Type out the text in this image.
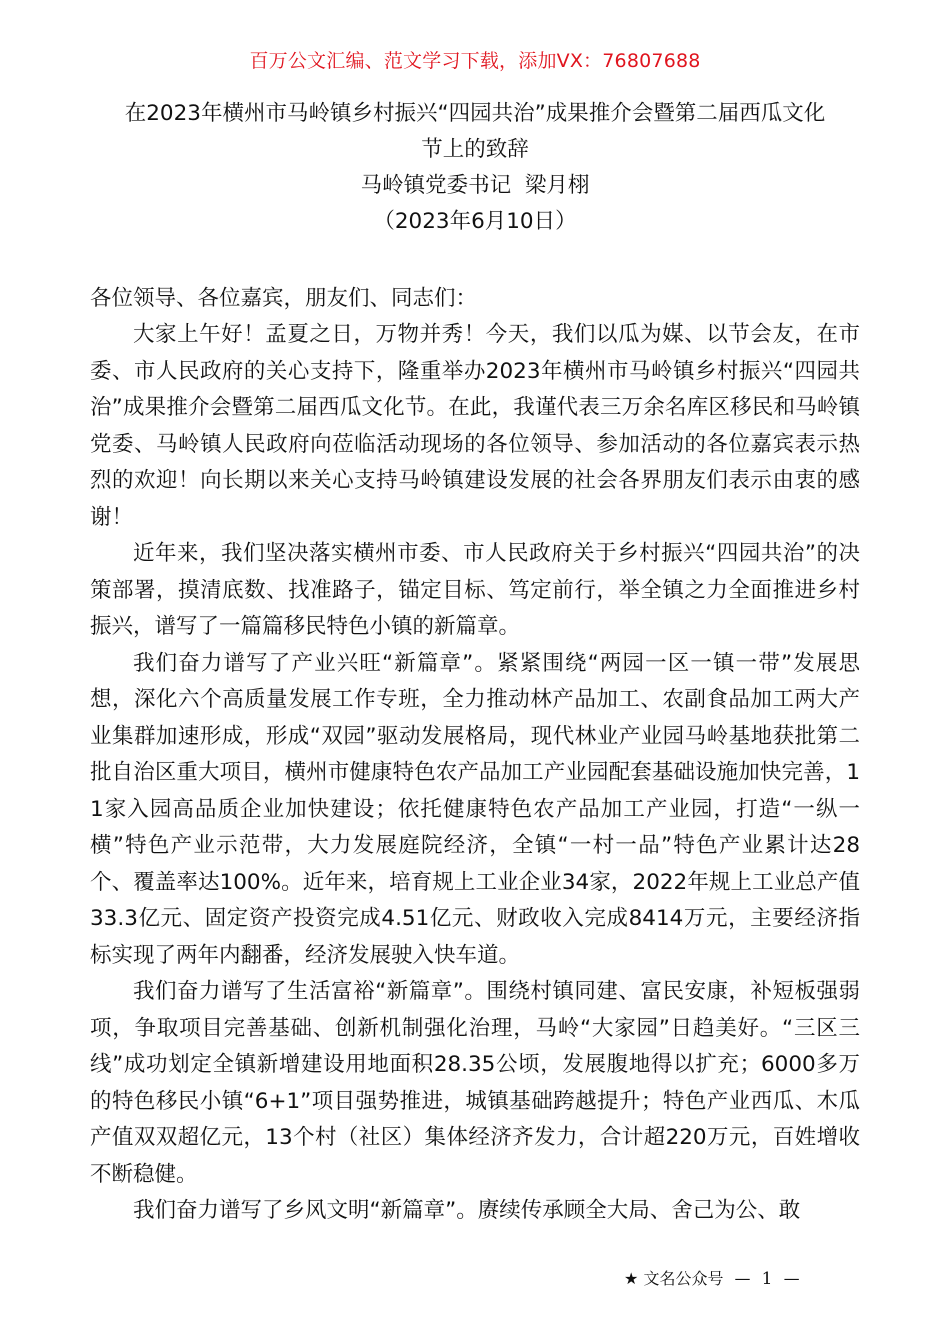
百万公文汇编、范文学习下载，添加VX：76807688
在2023年横州市马岭镇乡村振兴“四园共治”成果推介会暨第二届西瓜文化
节上的致辞
马岭镇党委书记  梁月栩
（2023年6月10日）
各位领导、各位嘉宾，朋友们、同志们：

大家上午好！孟夏之日，万物并秀！今天，我们以瓜为媒、以节会友，在市委、市人民政府的关心支持下，隆重举办2023年横州市马岭镇乡村振兴“四园共治”成果推介会暨第二届西瓜文化节。在此，我谨代表三万余名库区移民和马岭镇党委、马岭镇人民政府向莅临活动现场的各位领导、参加活动的各位嘉宾表示热烈的欢迎！向长期以来关心支持马岭镇建设发展的社会各界朋友们表示由衷的感谢！

近年来，我们坚决落实横州市委、市人民政府关于乡村振兴“四园共治”的决策部署，摸清底数、找准路子，锚定目标、笃定前行，举全镇之力全面推进乡村振兴，谱写了一篇篇移民特色小镇的新篇章。

我们奋力谱写了产业兴旺“新篇章”。紧紧围绕“两园一区一镇一带”发展思想，深化六个高质量发展工作专班，全力推动林产品加工、农副食品加工两大产业集群加速形成，形成“双园”驱动发展格局，现代林业产业园马岭基地获批第二批自治区重大项目，横州市健康特色农产品加工产业园配套基础设施加快完善，11家入园高品质企业加快建设；依托健康特色农产品加工产业园，打造“一纵一横”特色产业示范带，大力发展庭院经济，全镇“一村一品”特色产业累计达28个、覆盖率达100%。近年来，培育规上工业企业34家，2022年规上工业总产值33.3亿元、固定资产投资完成4.51亿元、财政收入完成8414万元，主要经济指标实现了两年内翻番，经济发展驶入快车道。

我们奋力谱写了生活富裕“新篇章”。围绕村镇同建、富民安康，补短板强弱项，争取项目完善基础、创新机制强化治理，马岭“大家园”日趋美好。“三区三线”成功划定全镇新增建设用地面积28.35公顷，发展腹地得以扩充；6000多万的特色移民小镇“6+1”项目强势推进，城镇基础跨越提升；特色产业西瓜、木瓜产值双双超亿元，13个村（社区）集体经济齐发力，合计超220万元，百姓增收不断稳健。

我们奋力谱写了乡风文明“新篇章”。赓续传承顾全大局、舍己为公、敢

★ 文名公众号 — 1 —
